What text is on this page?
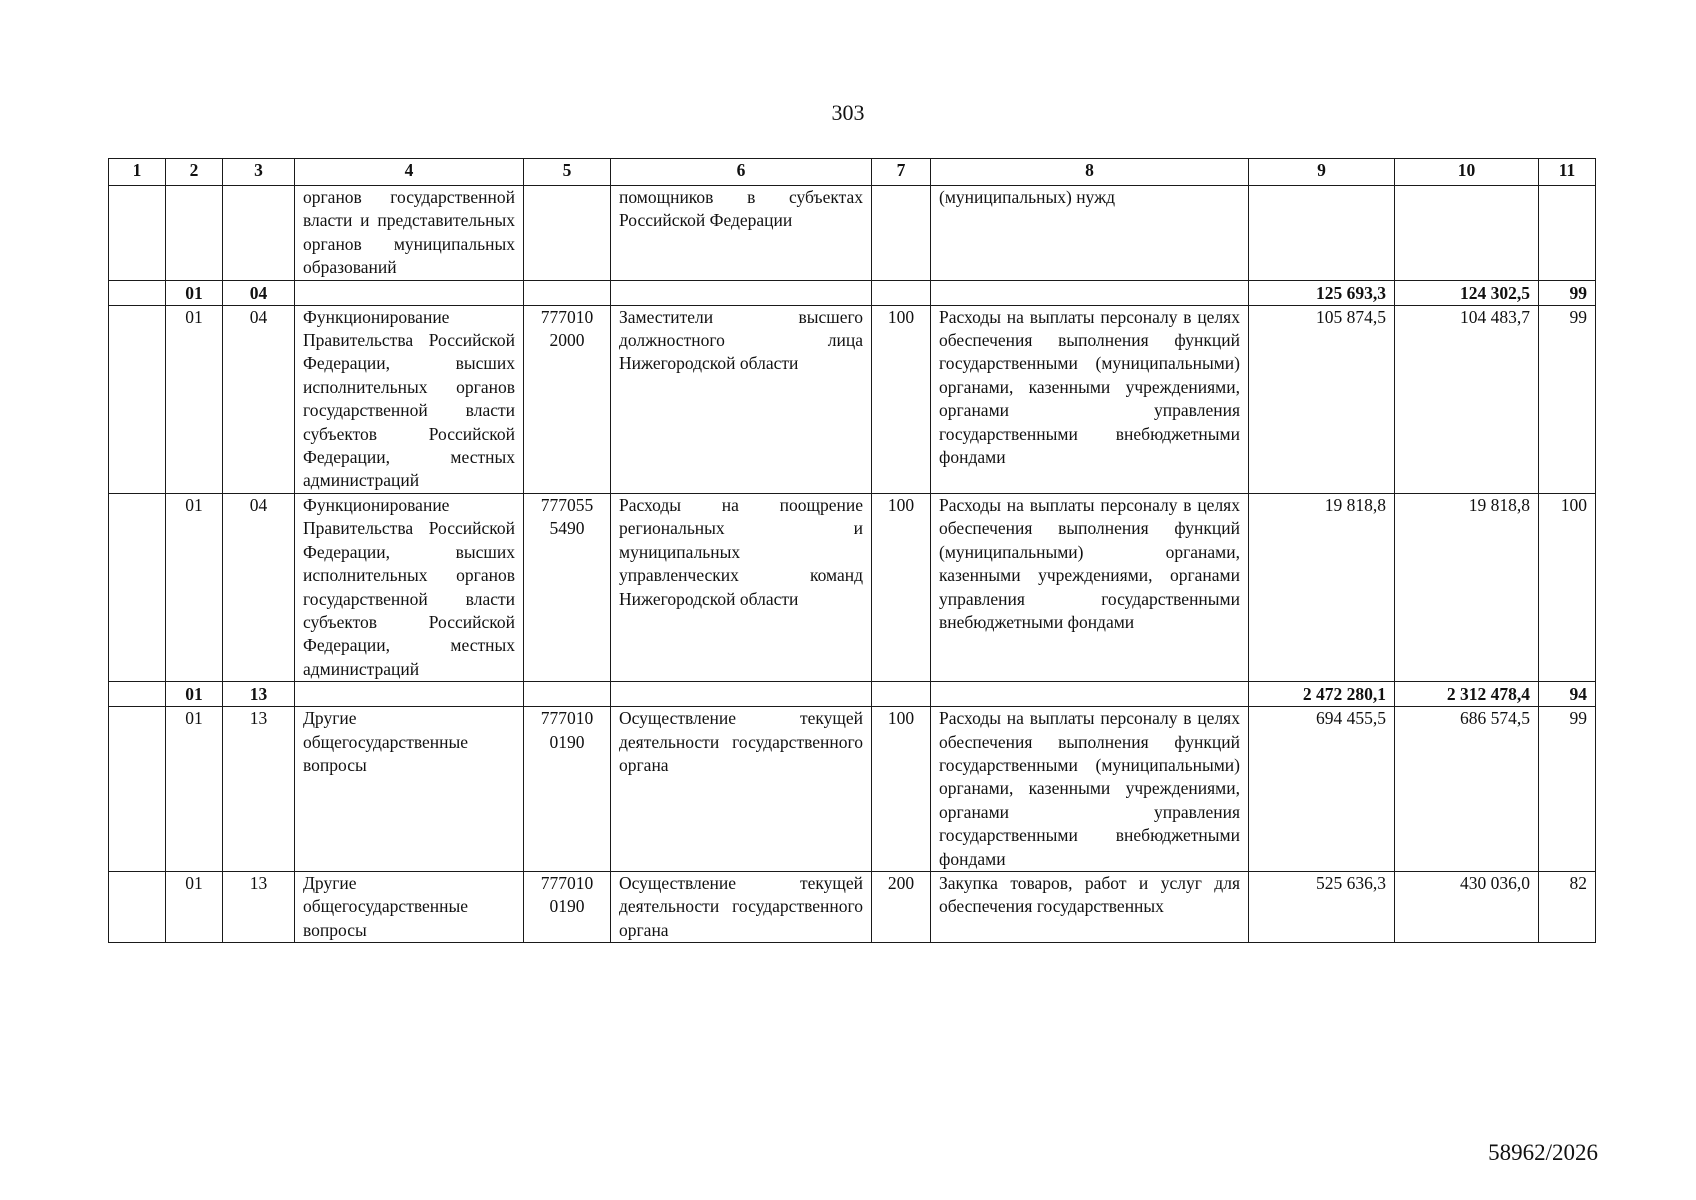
303
1	2	3	4	5	6	7	8	9	10	11
			органов государственной власти и представительных органов муниципальных образований		помощников в субъектах Российской Федерации		(муниципальных) нужд			
	01	04						125 693,3	124 302,5	99
	01	04	Функционирование Правительства Российской Федерации, высших исполнительных органов государственной власти субъектов Российской Федерации, местных администраций	777010 2000	Заместители высшего должностного лица Нижегородской области	100	Расходы на выплаты персоналу в целях обеспечения выполнения функций государственными (муниципальными) органами, казенными учреждениями, органами управления государственными внебюджетными фондами	105 874,5	104 483,7	99
	01	04	Функционирование Правительства Российской Федерации, высших исполнительных органов государственной власти субъектов Российской Федерации, местных администраций	777055 5490	Расходы на поощрение региональных и муниципальных управленческих команд Нижегородской области	100	Расходы на выплаты персоналу в целях обеспечения выполнения функций (муниципальными) органами, казенными учреждениями, органами управления государственными внебюджетными фондами	19 818,8	19 818,8	100
	01	13						2 472 280,1	2 312 478,4	94
	01	13	Другие общегосударственные вопросы	777010 0190	Осуществление текущей деятельности государственного органа	100	Расходы на выплаты персоналу в целях обеспечения выполнения функций государственными (муниципальными) органами, казенными учреждениями, органами управления государственными внебюджетными фондами	694 455,5	686 574,5	99
	01	13	Другие общегосударственные вопросы	777010 0190	Осуществление текущей деятельности государственного органа	200	Закупка товаров, работ и услуг для обеспечения государственных	525 636,3	430 036,0	82
58962/2026
